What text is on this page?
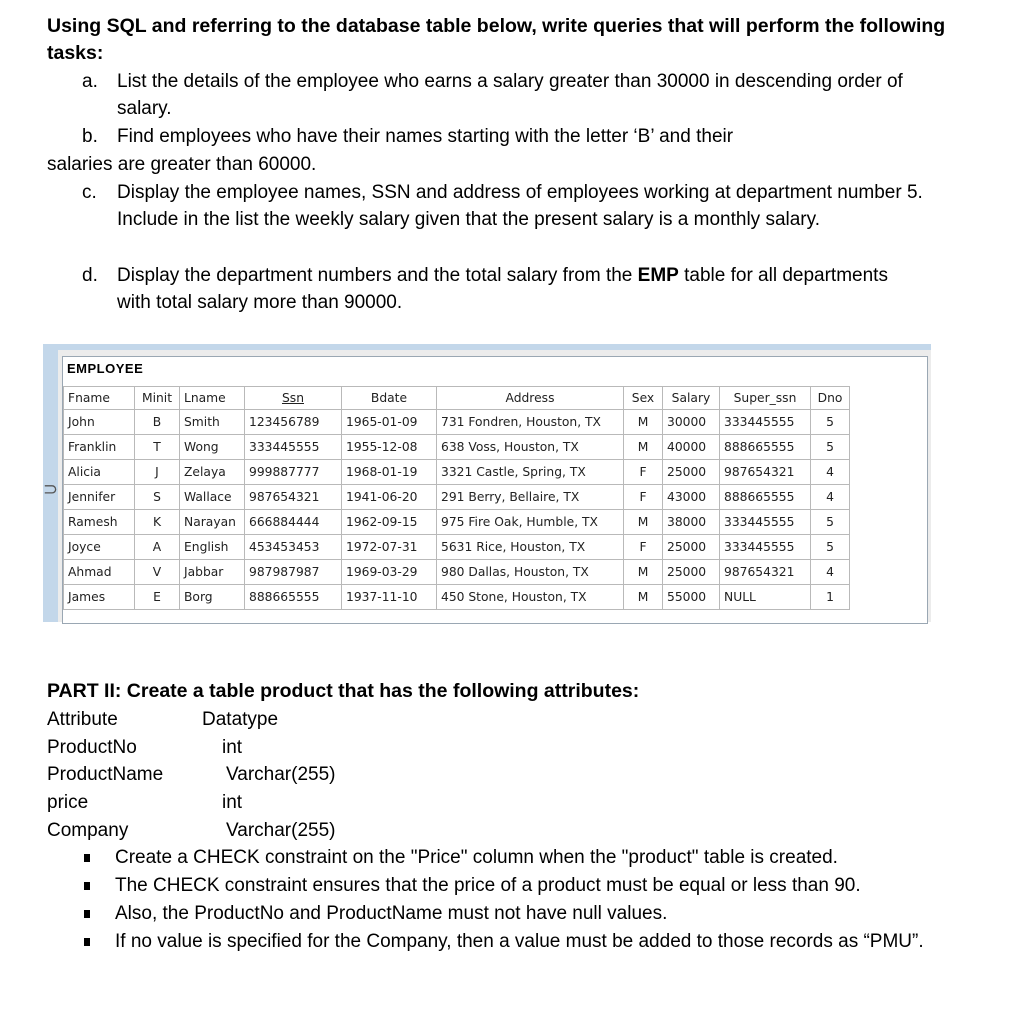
Using SQL and referring to the database table below, write queries that will perform the following tasks:
a. List the details of the employee who earns a salary greater than 30000 in descending order of salary.
b. Find employees who have their names starting with the letter ‘B’ and their
salaries are greater than 60000.
c. Display the employee names, SSN and address of employees working at department number 5. Include in the list the weekly salary given that the present salary is a monthly salary.
d. Display the department numbers and the total salary from the EMP table for all departments with total salary more than 90000.
⊃
EMPLOYEE
Fname	Minit	Lname	Ssn	Bdate	Address	Sex	Salary	Super_ssn	Dno
John	B	Smith	123456789	1965-01-09	731 Fondren, Houston, TX	M	30000	333445555	5
Franklin	T	Wong	333445555	1955-12-08	638 Voss, Houston, TX	M	40000	888665555	5
Alicia	J	Zelaya	999887777	1968-01-19	3321 Castle, Spring, TX	F	25000	987654321	4
Jennifer	S	Wallace	987654321	1941-06-20	291 Berry, Bellaire, TX	F	43000	888665555	4
Ramesh	K	Narayan	666884444	1962-09-15	975 Fire Oak, Humble, TX	M	38000	333445555	5
Joyce	A	English	453453453	1972-07-31	5631 Rice, Houston, TX	F	25000	333445555	5
Ahmad	V	Jabbar	987987987	1969-03-29	980 Dallas, Houston, TX	M	25000	987654321	4
James	E	Borg	888665555	1937-11-10	450 Stone, Houston, TX	M	55000	NULL	1
PART II: Create a table product that has the following attributes:
Attribute	Datatype
ProductNo	int
ProductName	Varchar(255)
price	int
Company	Varchar(255)
Create a CHECK constraint on the "Price" column when the "product" table is created.
The CHECK constraint ensures that the price of a product must be equal or less than 90.
Also, the ProductNo and ProductName must not have null values.
If no value is specified for the Company, then a value must be added to those records as “PMU”.
